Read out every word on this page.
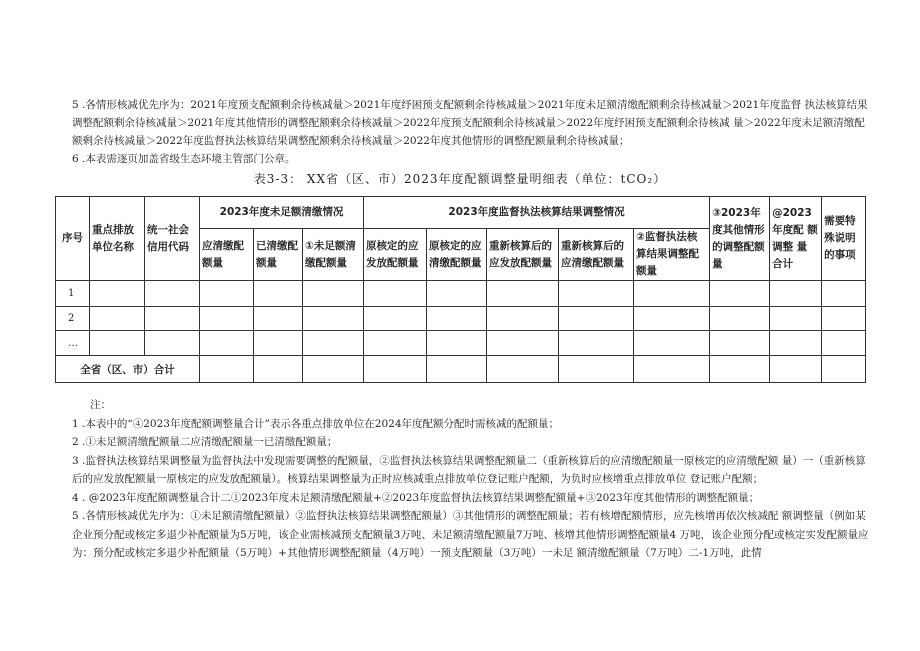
5 .各情形核减优先序为：2021年度预支配额剩余待核减量＞2021年度纾困预支配额剩余待核减量＞2021年度未足额清缴配额剩余待核减量＞2021年度监督 执法核算结果调整配额剩余待核减量＞2021年度其他情形的调整配额剩余待核减量＞2022年度预支配额剩余待核减量＞2022年度纾困预支配额剩余待核减 量＞2022年度未足额清缴配额剩余待核减量＞2022年度监督执法核算结果调整配额剩余待核减量＞2022年度其他情形的调整配额量剩余待核减量；

6 .本表需逐页加盖省级生态环境主管部门公章。

表3-3： XX省（区、市）2023年度配额调整量明细表（单位：tCO₂）
序号	重点排放单位名称	统一社会信用代码	2023年度未足额清缴情况			2023年度监督执法核算结果调整情况					③2023年度其他情形的调整配额量	@2023 年度配 额调整 量 合计	需要特殊说明的事项
			应清缴配额量	已清缴配额量	①未足额清缴配额量	原核定的应发放配额量	原核定的应清缴配额量	重新核算后的应发放配额量	重新核算后的应清缴配额量	②监督执法核算结果调整配额量			
1													
2													
…													
全省（区、市）合计													

注：

1 .本表中的“④2023年度配额调整量合计”表示各重点排放单位在2024年度配额分配时需核减的配额量；

2 .①未足额清缴配额量二应清缴配额量一已清缴配额量；

3 .监督执法核算结果调整量为监督执法中发现需要调整的配额量，②监督执法核算结果调整配额量二（重新核算后的应清缴配额量一原核定的应清缴配额 量）一（重新核算后的应发放配额量一原核定的应发放配额量）。核算结果调整量为正时应核减重点排放单位登记账户配额，为负时应核增重点排放单位 登记账户配额；

4 . @2023年度配额调整量合计二①2023年度未足额清缴配额量+②2023年度监督执法核算结果调整配额量+③2023年度其他情形的调整配额量；

5 .各情形核减优先序为：①未足额清缴配额量）②监督执法核算结果调整配额量）③其他情形的调整配额量；若有核增配额情形，应先核增再依次核减配 额调整量（例如某企业预分配或核定多退少补配额量为5万吨，该企业需核减预支配额量3万吨、未足额清缴配额量7万吨、核增其他情形调整配额量4 万吨，该企业预分配或核定实发配额量应为：预分配或核定多退少补配额量（5万吨）+其他情形调整配额量（4万吨）一预支配额量（3万吨）一未足 额清缴配额量（7万吨）二-1万吨，此情
